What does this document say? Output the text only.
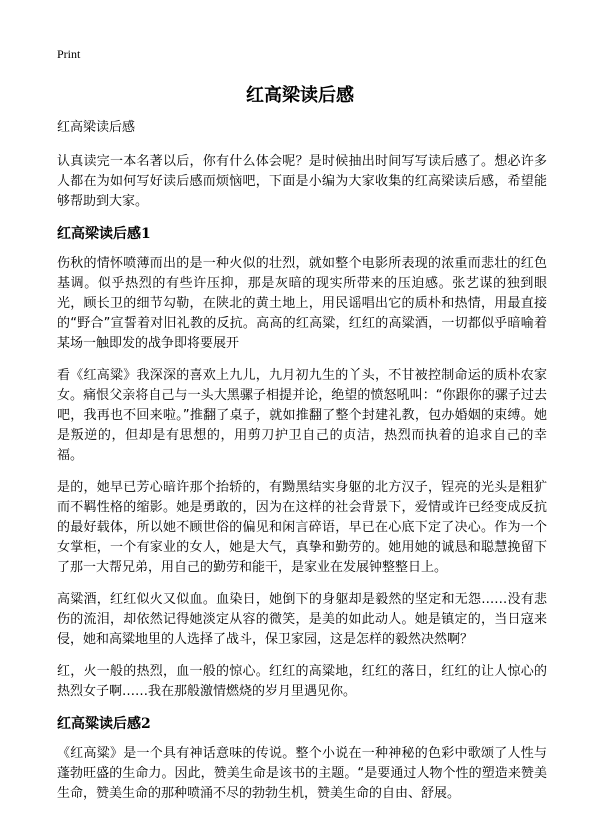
Print
红高梁读后感

红高梁读后感

认真读完一本名著以后，你有什么体会呢？是时候抽出时间写写读后感了。想必许多人都在为如何写好读后感而烦恼吧，下面是小编为大家收集的红高梁读后感，希望能够帮助到大家。

红高梁读后感1

伤秋的情怀喷薄而出的是一种火似的壮烈，就如整个电影所表现的浓重而悲壮的红色基调。似乎热烈的有些许压抑，那是灰暗的现实所带来的压迫感。张艺谋的独到眼光，顾长卫的细节勾勒，在陕北的黄土地上，用民谣唱出它的质朴和热情，用最直接的“野合”宣誓着对旧礼教的反抗。高高的红高粱，红红的高粱酒，一切都似乎暗喻着某场一触即发的战争即将要展开

看《红高粱》我深深的喜欢上九儿，九月初九生的丫头，不甘被控制命运的质朴农家女。痛恨父亲将自己与一头大黑骡子相提并论，绝望的愤怒吼叫：“你跟你的骡子过去吧，我再也不回来啦。”推翻了桌子，就如推翻了整个封建礼教，包办婚姻的束缚。她是叛逆的，但却是有思想的，用剪刀护卫自己的贞洁，热烈而执着的追求自己的幸福。

是的，她早已芳心暗许那个抬轿的，有黝黑结实身躯的北方汉子，锃亮的光头是粗犷而不羁性格的缩影。她是勇敢的，因为在这样的社会背景下，爱情或许已经变成反抗的最好载体，所以她不顾世俗的偏见和闲言碎语，早已在心底下定了决心。作为一个女掌柜，一个有家业的女人，她是大气，真挚和勤劳的。她用她的诚恳和聪慧挽留下了那一大帮兄弟，用自己的勤劳和能干，是家业在发展钟整整日上。

高粱酒，红红似火又似血。血染日，她倒下的身躯却是毅然的坚定和无怨……没有悲伤的流泪，却依然记得她淡定从容的微笑，是美的如此动人。她是镇定的，当日寇来侵，她和高粱地里的人选择了战斗，保卫家园，这是怎样的毅然决然啊？

红，火一般的热烈，血一般的惊心。红红的高粱地，红红的落日，红红的让人惊心的热烈女子啊……我在那般激情燃烧的岁月里遇见你。

红高粱读后感2

《红高粱》是一个具有神话意味的传说。整个小说在一种神秘的色彩中歌颂了人性与蓬勃旺盛的生命力。因此，赞美生命是该书的主题。“是要通过人物个性的塑造来赞美生命，赞美生命的那种喷涌不尽的勃勃生机，赞美生命的自由、舒展。
